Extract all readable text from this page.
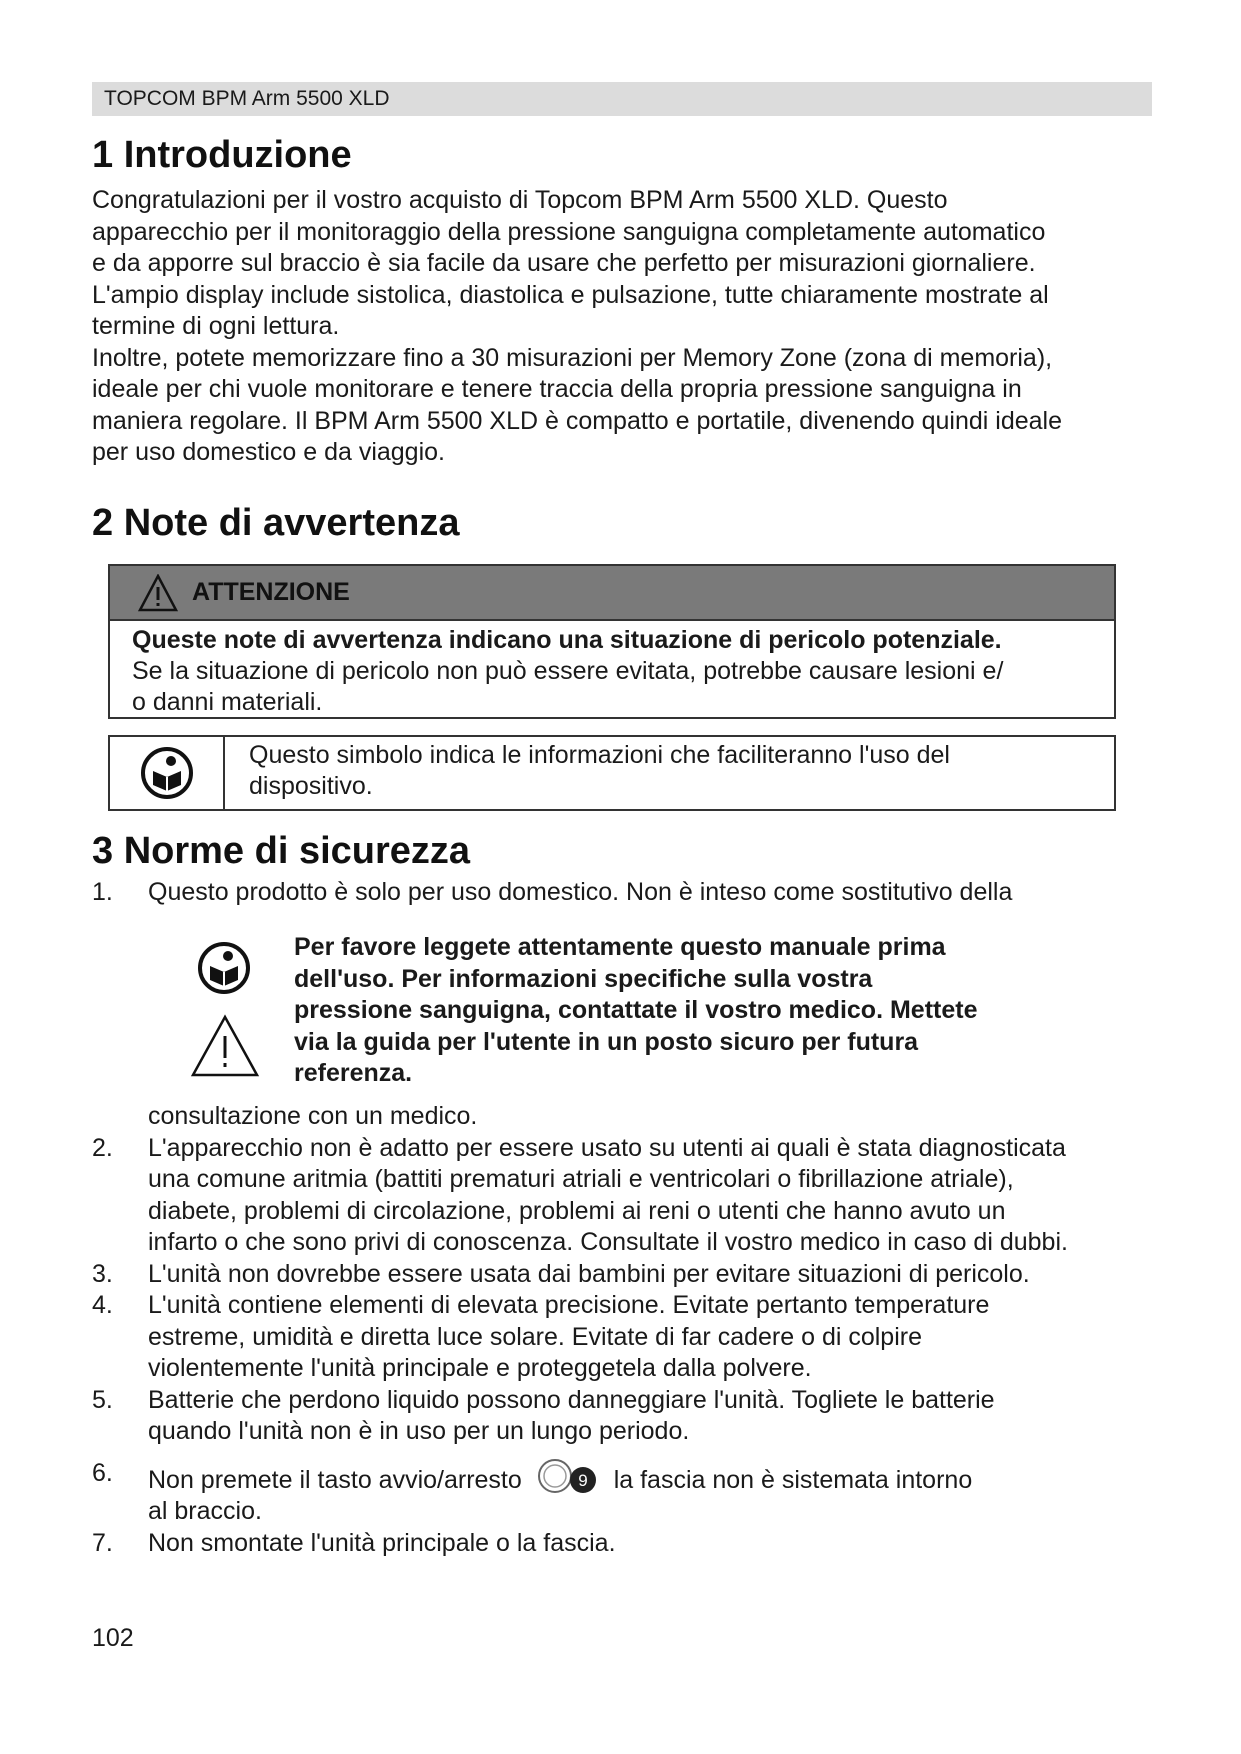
TOPCOM BPM Arm 5500 XLD
1 Introduzione

Congratulazioni per il vostro acquisto di Topcom BPM Arm 5500 XLD. Questo

apparecchio per il monitoraggio della pressione sanguigna completamente automatico

e da apporre sul braccio è sia facile da usare che perfetto per misurazioni giornaliere.

L'ampio display include sistolica, diastolica e pulsazione, tutte chiaramente mostrate al

termine di ogni lettura.

Inoltre, potete memorizzare fino a 30 misurazioni per Memory Zone (zona di memoria),

ideale per chi vuole monitorare e tenere traccia della propria pressione sanguigna in

maniera regolare. Il BPM Arm 5500 XLD è compatto e portatile, divenendo quindi ideale

per uso domestico e da viaggio.

2 Note di avvertenza
ATTENZIONE
Queste note di avvertenza indicano una situazione di pericolo potenziale.
Se la situazione di pericolo non può essere evitata, potrebbe causare lesioni e/
o danni materiali.
Questo simbolo indica le informazioni che faciliteranno l'uso del
dispositivo.
3 Norme di sicurezza
1. Questo prodotto è solo per uso domestico. Non è inteso come sostitutivo della
Per favore leggete attentamente questo manuale prima
dell'uso. Per informazioni specifiche sulla vostra
pressione sanguigna, contattate il vostro medico. Mettete
via la guida per l'utente in un posto sicuro per futura
referenza.
consultazione con un medico.
2. L'apparecchio non è adatto per essere usato su utenti ai quali è stata diagnosticata
una comune aritmia (battiti prematuri atriali e ventricolari o fibrillazione atriale),
diabete, problemi di circolazione, problemi ai reni o utenti che hanno avuto un
infarto o che sono privi di conoscenza. Consultate il vostro medico in caso di dubbi.
3. L'unità non dovrebbe essere usata dai bambini per evitare situazioni di pericolo.
4. L'unità contiene elementi di elevata precisione. Evitate pertanto temperature
estreme, umidità e diretta luce solare. Evitate di far cadere o di colpire
violentemente l'unità principale e proteggetela dalla polvere.
5. Batterie che perdono liquido possono danneggiare l'unità. Togliete le batterie
quando l'unità non è in uso per un lungo periodo.
6. Non premete il tasto avvio/arresto	9 la fascia non è sistemata intorno
al braccio.
7. Non smontate l'unità principale o la fascia.
102
